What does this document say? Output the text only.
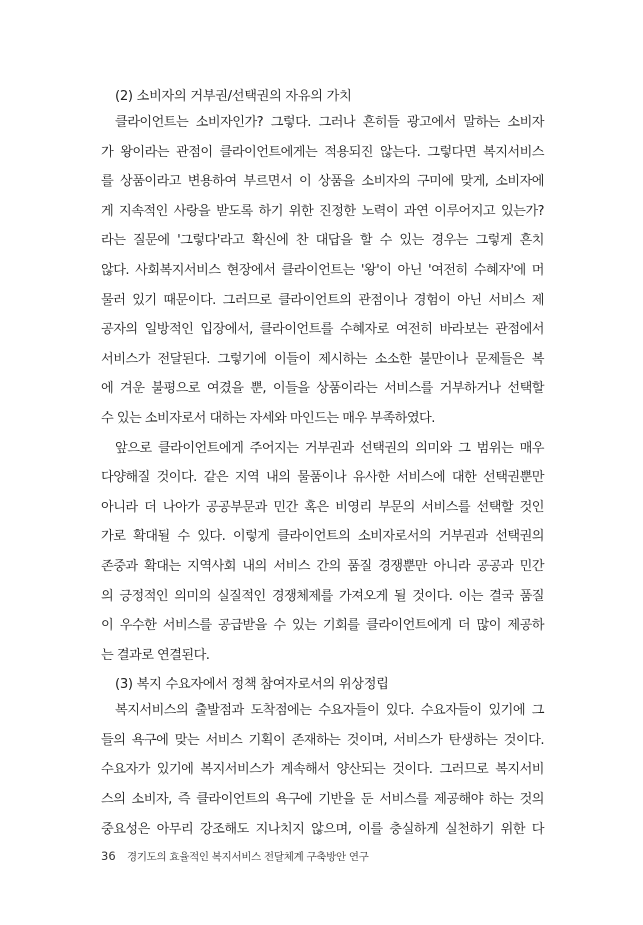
(2) 소비자의 거부권/선택권의 자유의 가치

클라이언트는 소비자인가? 그렇다. 그러나 흔히들 광고에서 말하는 소비자

가 왕이라는 관점이 클라이언트에게는 적용되진 않는다. 그렇다면 복지서비스

를 상품이라고 변용하여 부르면서 이 상품을 소비자의 구미에 맞게, 소비자에

게 지속적인 사랑을 받도록 하기 위한 진정한 노력이 과연 이루어지고 있는가?

라는 질문에 '그렇다'라고 확신에 찬 대답을 할 수 있는 경우는 그렇게 흔치

않다. 사회복지서비스 현장에서 클라이언트는 '왕'이 아닌 '여전히 수혜자'에 머

물러 있기 때문이다. 그러므로 클라이언트의 관점이나 경험이 아닌 서비스 제

공자의 일방적인 입장에서, 클라이언트를 수혜자로 여전히 바라보는 관점에서

서비스가 전달된다. 그렇기에 이들이 제시하는 소소한 불만이나 문제들은 복

에 겨운 불평으로 여겼을 뿐, 이들을 상품이라는 서비스를 거부하거나 선택할

수 있는 소비자로서 대하는 자세와 마인드는 매우 부족하였다.

앞으로 클라이언트에게 주어지는 거부권과 선택권의 의미와 그 범위는 매우

다양해질 것이다. 같은 지역 내의 물품이나 유사한 서비스에 대한 선택권뿐만

아니라 더 나아가 공공부문과 민간 혹은 비영리 부문의 서비스를 선택할 것인

가로 확대될 수 있다. 이렇게 클라이언트의 소비자로서의 거부권과 선택권의

존중과 확대는 지역사회 내의 서비스 간의 품질 경쟁뿐만 아니라 공공과 민간

의 긍정적인 의미의 실질적인 경쟁체제를 가져오게 될 것이다. 이는 결국 품질

이 우수한 서비스를 공급받을 수 있는 기회를 클라이언트에게 더 많이 제공하

는 결과로 연결된다.

(3) 복지 수요자에서 정책 참여자로서의 위상정립

복지서비스의 출발점과 도착점에는 수요자들이 있다. 수요자들이 있기에 그

들의 욕구에 맞는 서비스 기획이 존재하는 것이며, 서비스가 탄생하는 것이다.

수요자가 있기에 복지서비스가 계속해서 양산되는 것이다. 그러므로 복지서비

스의 소비자, 즉 클라이언트의 욕구에 기반을 둔 서비스를 제공해야 하는 것의

중요성은 아무리 강조해도 지나치지 않으며, 이를 충실하게 실천하기 위한 다

36 경기도의 효율적인 복지서비스 전달체계 구축방안 연구
